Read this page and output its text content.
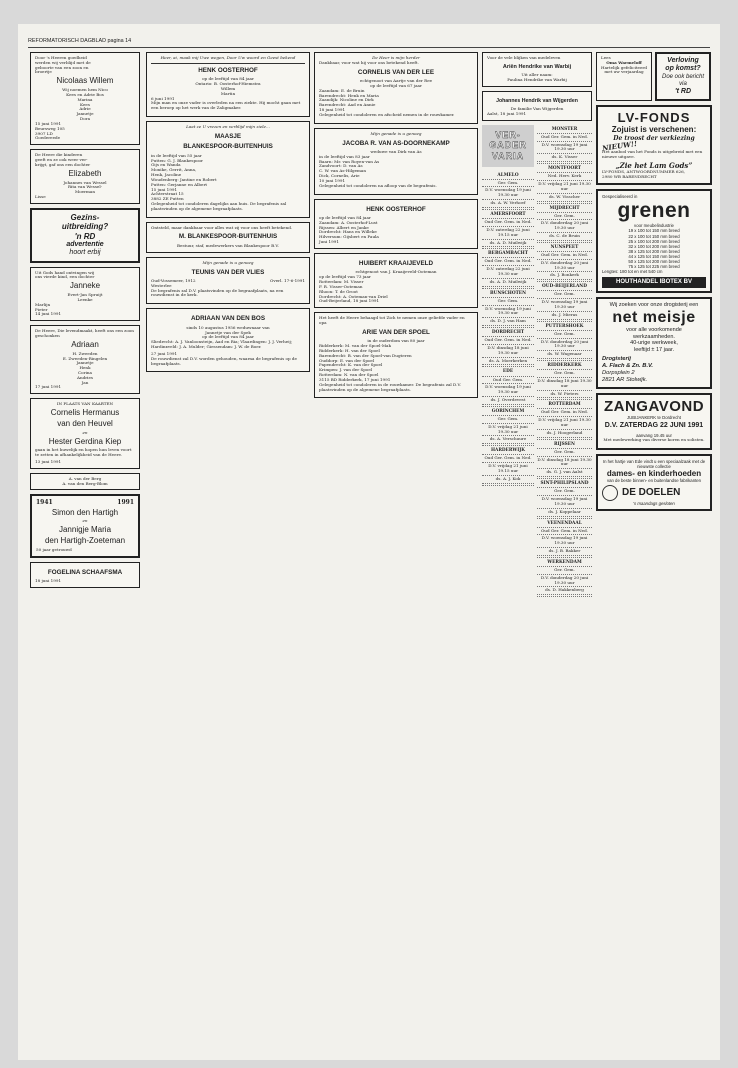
REFORMATORISCH DAGBLAD pagina 14
Door 's Heeren goedheid
werden wij verblijd met de
geboorte van een zoon en
broertje
Nicolaas Willem
Wij noemen hem Nico
Kees en Adrie Bos
Marina
Kees
Adrie
Jannetje
Dora
15 juni 1991
Beursweg 105
3907 LD
Goedereede
De Heere die kinderen
geeft en ze ook weer ver-
krijgt, gaf ons een dochter
Elizabeth
Johannes van Wessel
Rita van Wessel-
Moerman
Lisse
Gezins-
uitbreiding?
'n RD
advertentie
hoort erbij
Uit Gods hand ontvingen wij
ons vierde kind, een dochter
Janneke
Evert-Jan Spruijt
Leenke
Marlijn
Pieter
14 juni 1991
De Heere, Die levendmaakt, heeft ons een zoon geschonken
Adriaan
H. Zweeden
E. Zweeden-Ringelen
Jannetje
Henk
Corina
Andries
Jan
17 juni 1991
IN PLAATS VAN KAARTEN
Cornelis Hermanus
van den Heuvel
en
Hester Gerdina Kiep

gaan in het huwelijk en hopen hun leven voort te zetten in afhankelijkheid van de Heere.

13 juni 1991
A. van der Berg
A. van den Berg-Blom
1941	1991
Simon den Hartigh
en
Jannigje Maria
den Hartigh-Zoeteman
50 jaar getrouwd
FOGELINA SCHAAFSMA
18 juni 1991
Heer, ai, maak mij Uwe wegen, Door Uw woord en Geest bekend
HENK OOSTERHOF
op de leeftijd van 84 jaar
Ontario: B. Oosterhof-Hiemstra
Willem
Martin
6 juni 1991

Mijn man en onze vader is overleden na een ziekte. Hij mocht gaan met een beroep op het werk van de Zaligmaker.

Laat ze U vrezen en verblijd mijn ziele...
MAASJE
BLANKESPOOR-BUITENHUIS
in de leeftijd van 55 jaar
Putten: G. J. Blankespoor
Gijs en Wanda
Monike, Gerrit, Anna,
Henk, Jacoline
Woudenberg: Jantine en Robert
Putten: Gerjanne en Albert
15 juni 1991
Achterstraat 15
3882 ZE Putten

Gelegenheid tot condoleren dagelijks aan huis. De begrafenis zal plaatsvinden op de algemene begraafplaats.

Ontsteld, maar dankbaar voor alles wat zij voor ons heeft betekend.

M. BLANKESPOOR-BUITENHUIS
Bestuur, staf, medewerkers van Blankespoor B.V.
Mijn genade is u genoeg
TEUNIS VAN DER VLIES
Oud-Vossemeer, 1912	Overl. 17-6-1991
Westerlee

De begrafenis zal D.V. plaatsvinden op de begraafplaats, na een rouwdienst in de kerk.

ADRIAAN VAN DEN BOS
sinds 10 augustus 1956 weduwnaar van
Jannetje van der Spek
op de leeftijd van 84 jaar

Sliedrecht: A. J. Vanloonsteijn, Aad en Ria; Vlaardingen: J. J. Verheij; Hardinxveld: J. A. Mulder; Giessendam: J. W. de Boer.

27 juni 1991

De rouwdienst zal D.V. worden gehouden, waarna de begrafenis op de begraafplaats.

De Heer is mijn herder

Dankbaar, voor wat hij voor ons betekend heeft.

CORNELIS VAN DER LEE
echtgenoot van Aartje van der Ree
op de leeftijd van 67 jaar
Zaandam: E. de Bruin
Barendrecht: Henk en Maria
Zaandijk: Nicoline en Dirk
Barendrecht: Aad en Annie
18 juni 1991

Gelegenheid tot condoleren en afscheid nemen in de rouwkamer.

Mijn genade is u genoeg
JACOBA R. VAN AS-DOORNEKAMP
weduwe van Dirk van As
in de leeftijd van 83 jaar
Baarn: Mr. van Royen-van As
Zandvoort: D. van As
C. W. van As-Hilgeman
Dick, Cornelis, Arie
10 juni 1991

Gelegenheid tot condoleren na afloop van de begrafenis.

HENK OOSTERHOF
op de leeftijd van 84 jaar
Zaandam: A. Oosterhof-Lust
Rijssen: Albert en Janke
Dordrecht: Hans en Willeke
Hilversum: Gijsbert en Paula
Juni 1991
HUIBERT KRAAIJEVELD
echtgenoot van J. Kraaijeveld-Ooteman
op de leeftijd van 73 jaar
Rotterdam: M. Visser
F. R. Visser-Ooteman
Rhoon: T. de Groot
Dordrecht: A. Ooteman-van Driel
Oud-Beijerland, 18 juni 1991

Het heeft de Heere behaagd tot Zich te nemen onze geliefde vader en opa

ARIE VAN DER SPOEL
in de ouderdom van 80 jaar
Ridderkerk: M. van der Spoel-Mak
Ridderkerk: H. van der Spoel
Barendrecht: B. van der Spoel-van Dugteren
Ouddorp: E. van der Spoel
Papendrecht: K. van der Spoel
Krimpen: J. van der Spoel
Rotterdam: N. van der Spoel
3115 BD Ridderkerk, 17 juni 1991

Gelegenheid tot condoleren in de rouwkamer. De begrafenis zal D.V. plaatsvinden op de algemene begraafplaats.

Voor de vele blijken van medeleven
Ariën Hendrike van Warbij
Uit aller naam:
Paulina Hendrike van Warbij
Johannes Hendrik van Wijgerden
De familie Van Wijgerden
Aalst, 18 juni 1991
VER-
GADER
VARIA
ALMELO
Ger. Gem.
D.V. woensdag 19 juni 19.30 uur
ds. A. W. Verhoef
AMERSFOORT
Oud Ger. Gem. in Ned.
D.V. zaterdag 22 juni 19.15 uur
ds. A. D. Muilwijk
BERGAMBACHT
Oud Ger. Gem. in Ned.
D.V. zaterdag 22 juni 19.30 uur
ds. A. D. Muilwijk
BUNSCHOTEN
Ger. Gem.
D.V. woensdag 19 juni 19.30 uur
ds. D. J. van Ham
DORDRECHT
Oud Ger. Gem. in Ned.
D.V. dinsdag 18 juni 19.30 uur
ds. A. Moerkerken
EDE
Oud Ger. Gem.
D.V. woensdag 19 juni 19.30 uur
ds. J. Overdevest
GORINCHEM
Ger. Gem.
D.V. vrijdag 21 juni 19.30 uur
ds. A. Verschuure
HARDERWIJK
Oud Ger. Gem. in Ned.
D.V. vrijdag 21 juni 19.15 uur
ds. A. J. Kok
MONSTER
Oud Ger. Gem. in Ned.
D.V. woensdag 19 juni 19.30 uur
ds. K. Visser
MONTFOORT
Ned. Herv. Kerk
D.V. vrijdag 21 juni 19.30 uur
ds. W. Visscher
MIJDRECHT
Ger. Gem.
D.V. donderdag 20 juni 19.30 uur
ds. C. de Bruin
NUNSPEET
Oud Ger. Gem. in Ned.
D.V. donderdag 20 juni 19.30 uur
ds. J. Bonkerk
OUD-BEIJERLAND
Ger. Gem.
D.V. woensdag 19 juni 19.30 uur
ds. J. Mieras
PUTTERSHOEK
Ger. Gem.
D.V. donderdag 20 juni 19.30 uur
ds. W. Wagenaar
RIDDERKERK
Ger. Gem.
D.V. dinsdag 18 juni 19.30 uur
ds. W. Pieters
ROTTERDAM
Oud Ger. Gem. in Ned.
D.V. vrijdag 21 juni 19.30 uur
ds. J. Hoogerland
RIJSSEN
Ger. Gem.
D.V. dinsdag 18 juni 19.30 uur
ds. G. J. van Aalst
SINT-PHILIPSLAND
Ger. Gem.
D.V. woensdag 19 juni 19.30 uur
ds. J. Koppelaar
VEENENDAAL
Oud Ger. Gem. in Ned.
D.V. woensdag 19 juni 19.30 uur
ds. J. B. Bakker
WERKENDAM
Ger. Gem.
D.V. donderdag 20 juni 19.30 uur
ds. D. Hakkenberg
Lees
Oma Warmeloff
Hartelijk gefeliciteerd
met uw verjaardag
Verloving
op komst?
Doe ook bericht
via
't RD
LV-FONDS
Zojuist is verschenen:
De troost der verkiezing
NIEUW!!

Het aanbod van het Fonds is uitgebreid met een nieuwe uitgave.

„Zie het Lam Gods”
LV-FONDS, ANTWOORDNUMMER 626,
2980 WB BARENDRECHT
Gespecialiseerd in
grenen
voor meubelindustrie
19 x 100 tot 150 mm breed
22 x 100 tot 150 mm breed
25 x 100 tot 200 mm breed
32 x 100 tot 200 mm breed
38 x 125 tot 200 mm breed
44 x 125 tot 150 mm breed
50 x 125 tot 200 mm breed
75 x 125 tot 225 mm breed
Lengtes: 180 tot en met 540 cm
HOUTHANDEL IBOTEX BV
Wij zoeken voor onze drogisterij een
net meisje
voor alle voorkomende
werkzaamheden.
40-urige werkweek,
leeftijd ± 17 jaar.
Drogisterij
A. Flach & Zn. B.V.
Dorpsplein 2
2821 AR Stolwijk.
ZANGAVOND
JUBIJANKERK te Dordrecht
D.V. ZATERDAG 22 JUNI 1991
aanvang 19.45 uur

Met medewerking van diverse koren en solisten.

In het hartje van Ede vindt u een speciaalzaak met de nieuwste collectie
dames- en kinderhoeden
van de beste binnen- en buitenlandse fabrikanten
DE DOELEN
's maandags gesloten
